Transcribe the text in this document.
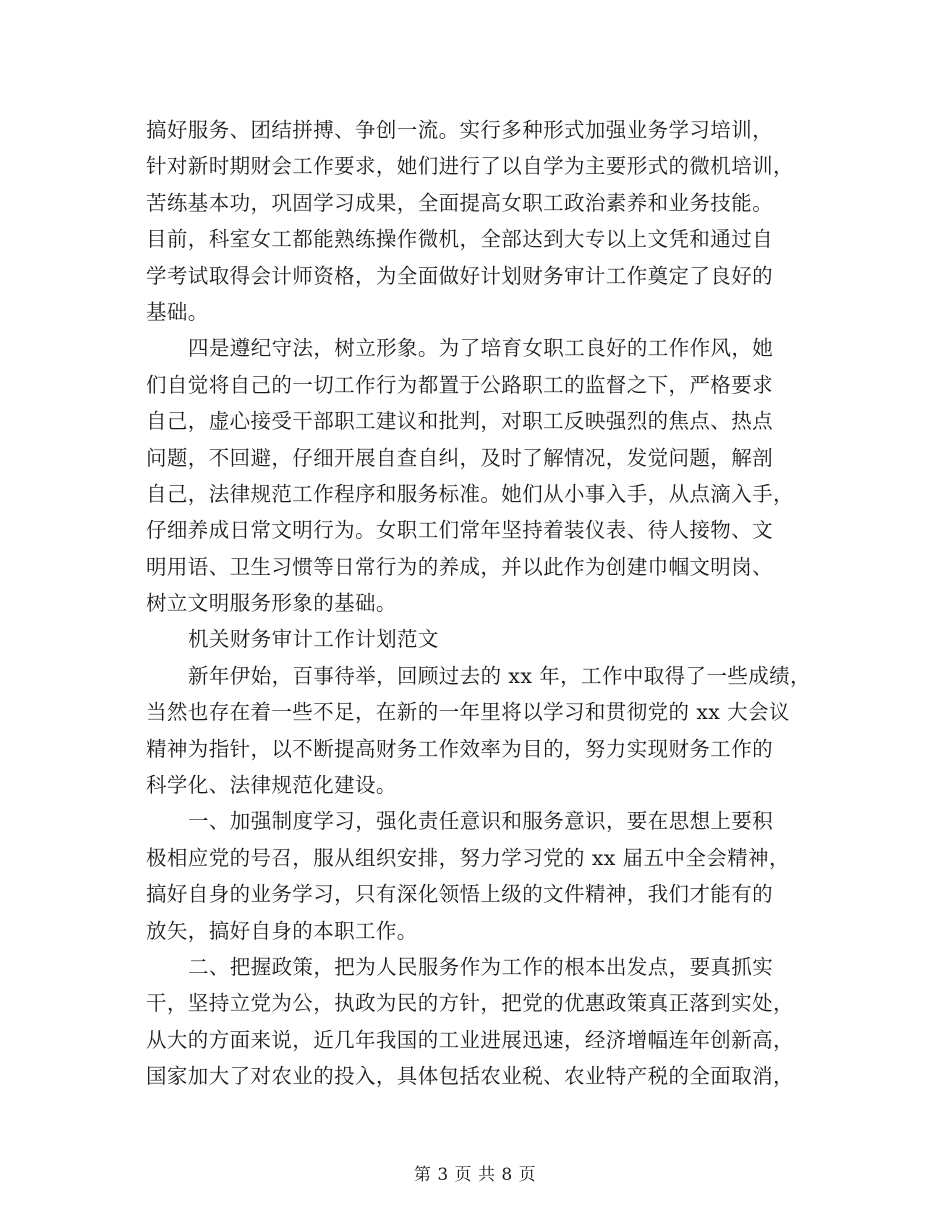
搞好服务、团结拼搏、争创一流。实行多种形式加强业务学习培训，
针对新时期财会工作要求，她们进行了以自学为主要形式的微机培训，
苦练基本功，巩固学习成果，全面提高女职工政治素养和业务技能。
目前，科室女工都能熟练操作微机，全部达到大专以上文凭和通过自
学考试取得会计师资格，为全面做好计划财务审计工作奠定了良好的
基础。
四是遵纪守法，树立形象。为了培育女职工良好的工作作风，她
们自觉将自己的一切工作行为都置于公路职工的监督之下，严格要求
自己，虚心接受干部职工建议和批判，对职工反映强烈的焦点、热点
问题，不回避，仔细开展自查自纠，及时了解情况，发觉问题，解剖
自己，法律规范工作程序和服务标准。她们从小事入手，从点滴入手，
仔细养成日常文明行为。女职工们常年坚持着装仪表、待人接物、文
明用语、卫生习惯等日常行为的养成，并以此作为创建巾帼文明岗、
树立文明服务形象的基础。
机关财务审计工作计划范文
新年伊始，百事待举，回顾过去的 xx 年，工作中取得了一些成绩，
当然也存在着一些不足，在新的一年里将以学习和贯彻党的 xx 大会议
精神为指针，以不断提高财务工作效率为目的，努力实现财务工作的
科学化、法律规范化建设。
一、加强制度学习，强化责任意识和服务意识，要在思想上要积
极相应党的号召，服从组织安排，努力学习党的 xx 届五中全会精神，
搞好自身的业务学习，只有深化领悟上级的文件精神，我们才能有的
放矢，搞好自身的本职工作。
二、把握政策，把为人民服务作为工作的根本出发点，要真抓实
干，坚持立党为公，执政为民的方针，把党的优惠政策真正落到实处，
从大的方面来说，近几年我国的工业进展迅速，经济增幅连年创新高，
国家加大了对农业的投入，具体包括农业税、农业特产税的全面取消，
第 3 页 共 8 页
